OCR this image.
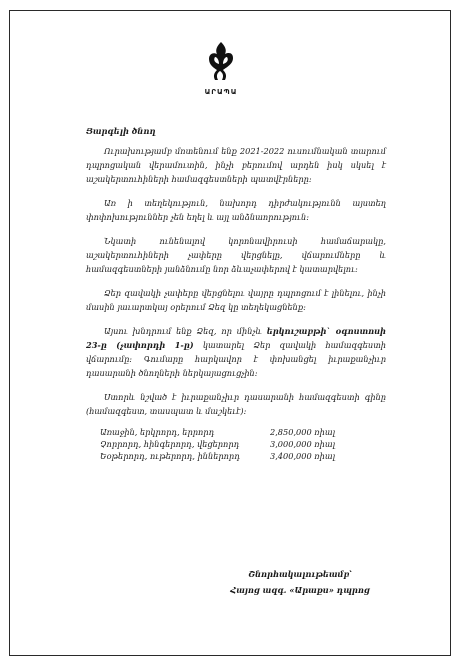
ԱՐԱՊԱ
Յարգելի ծնող

Ուրախությամբ մոտենում ենք 2021-2022 ուսումնական տարում դպրոցական վերամուտին, ինչի բերումով արդեն իսկ սկսել է աշակերտուհիների համազգեստների պատվէրները:

Առ ի տեղեկություն, նախորդ դիրժակությունն այստեղ փոփոխություններ չեն եղել և այլ անձնաորություն:

Նկատի ունենալով կորոնավիրուսի համաճարակը, աշակերտուհիների չափերը վերցնելը, վճարումները և համազգեստների յանձնումը նոր ձևաչափերով է կատարվելու:

Ձեր զավակի չափերը վերցնելու վայրը դպրոցում է լինելու, ինչի մասին յաւարտկայ օրերում Ձեզ կը տեղեկացնենք:

Այսու խնդրում ենք Ձեզ, որ մինչև երկուշաբթի` օգոստոսի 23-ը (չափորդի 1-ը) կատարել Ձեր զավակի համազգեստի վճարումը: Գումարը հարկավոր է փոխանցել իւրաքանչիւր դասարանի ծնողների ներկայացուցչին:

Ստորև նշված է իւրաքանչիւր դասարանի համազգեստի գինը (համազգեստ, տասպատ և մաշկեւէ):

Առաջին, երկրորդ, երրորդ	2,850,000 ռիալ
Չորրորդ, հինգերորդ, վեցերորդ	3,000,000 ռիալ
Եօթերորդ, ութերորդ, իններորդ	3,400,000 ռիալ
Շնորհակալութեամբ՝
Հայոց ազգ. «Արաքս» դպրոց
